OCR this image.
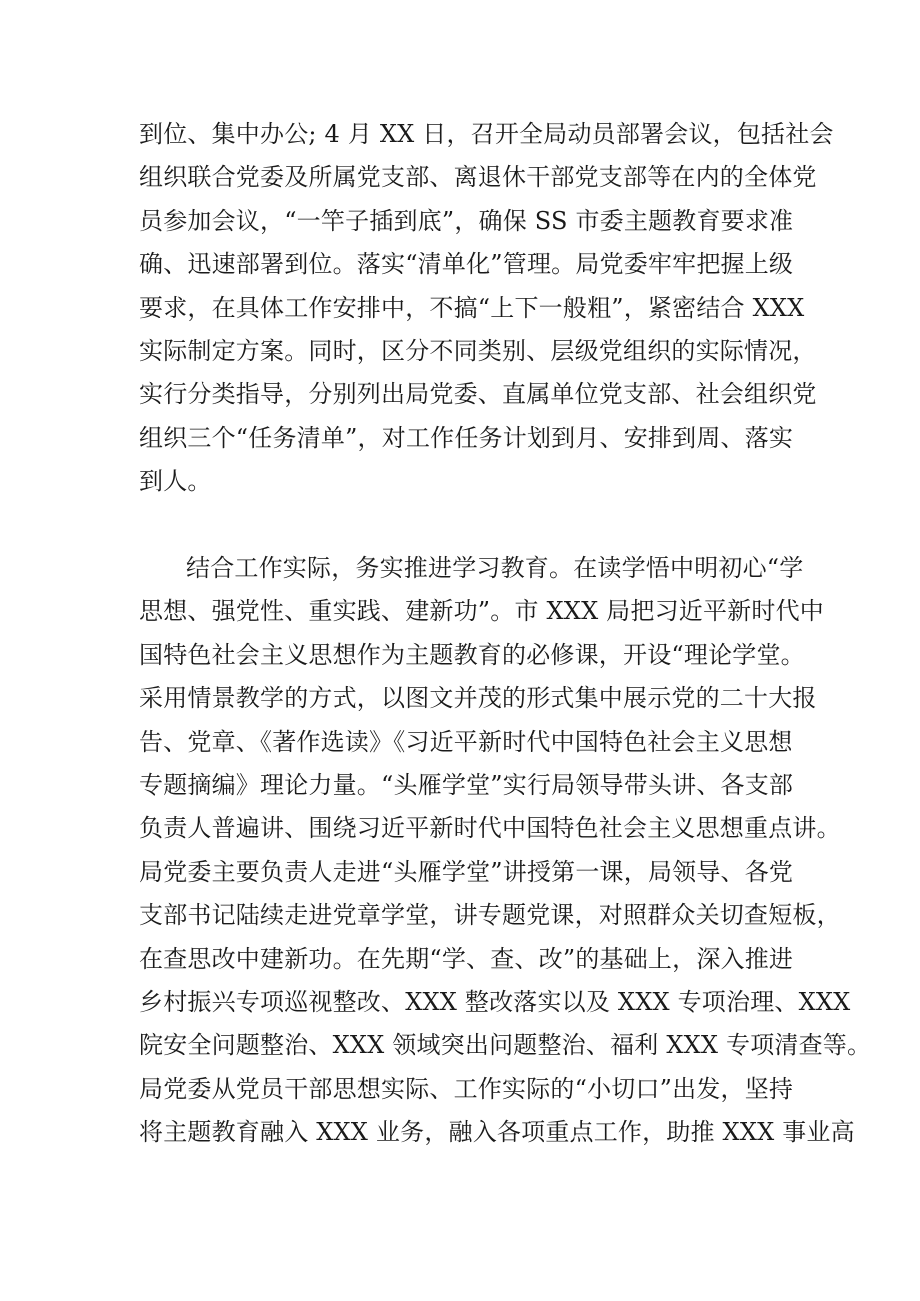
到位、集中办公; 4 月 XX 日，召开全局动员部署会议，包括社会
组织联合党委及所属党支部、离退休干部党支部等在内的全体党
员参加会议，“一竿子插到底”，确保 SS 市委主题教育要求准
确、迅速部署到位。落实“清单化”管理。局党委牢牢把握上级
要求，在具体工作安排中，不搞“上下一般粗”，紧密结合 XXX
实际制定方案。同时，区分不同类别、层级党组织的实际情况，
实行分类指导，分别列出局党委、直属单位党支部、社会组织党
组织三个“任务清单”，对工作任务计划到月、安排到周、落实
到人。
结合工作实际，务实推进学习教育。在读学悟中明初心“学
思想、强党性、重实践、建新功”。市 XXX 局把习近平新时代中
国特色社会主义思想作为主题教育的必修课，开设“理论学堂。
采用情景教学的方式，以图文并茂的形式集中展示党的二十大报
告、党章、《著作选读》《习近平新时代中国特色社会主义思想
专题摘编》理论力量。“头雁学堂”实行局领导带头讲、各支部
负责人普遍讲、围绕习近平新时代中国特色社会主义思想重点讲。
局党委主要负责人走进“头雁学堂”讲授第一课，局领导、各党
支部书记陆续走进党章学堂，讲专题党课，对照群众关切查短板，
在查思改中建新功。在先期“学、查、改”的基础上，深入推进
乡村振兴专项巡视整改、XXX 整改落实以及 XXX 专项治理、XXX
院安全问题整治、XXX 领域突出问题整治、福利 XXX 专项清查等。
局党委从党员干部思想实际、工作实际的“小切口”出发，坚持
将主题教育融入 XXX 业务，融入各项重点工作，助推 XXX 事业高
